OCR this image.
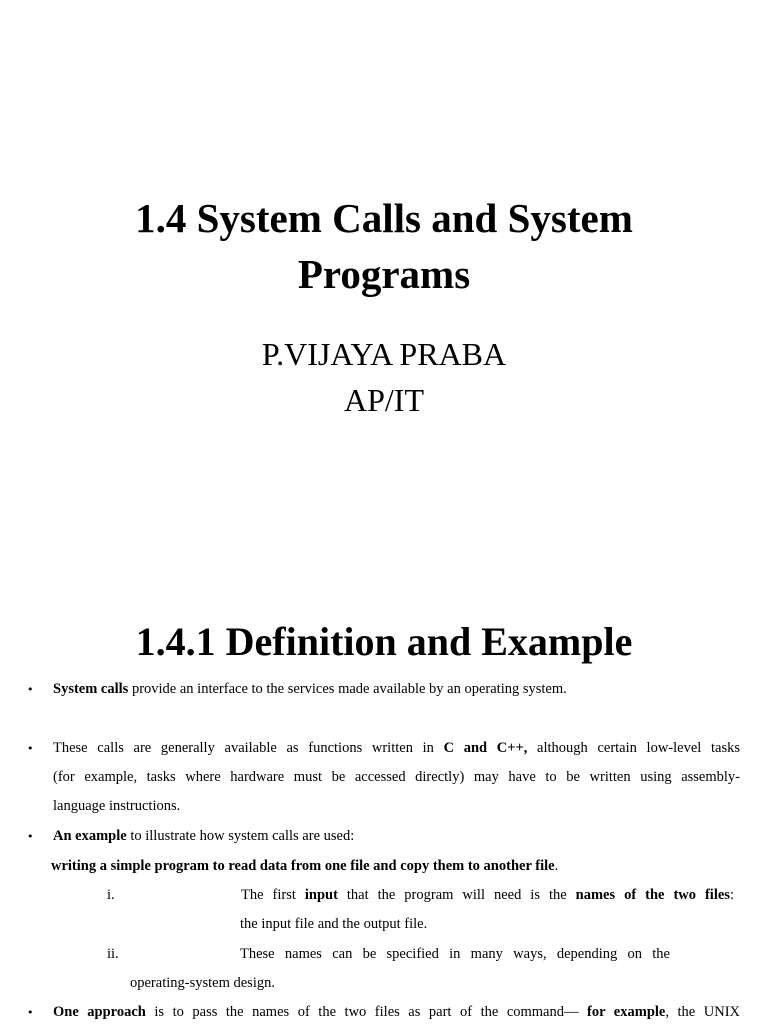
1.4 System Calls and System
Programs
P.VIJAYA PRABA
AP/IT
1.4.1 Definition and Example
• System calls provide an interface to the services made available by an operating system.
• These calls are generally available as functions written in C and C++, although certain low-level tasks
(for example, tasks where hardware must be accessed directly) may have to be written using assembly-
language instructions.
• An example to illustrate how system calls are used:
writing a simple program to read data from one file and copy them to another file.
i.	The first input that the program will need is the names of the two files:
the input file and the output file.
ii.	These names can be specified in many ways, depending on the
operating-system design.
• One approach is to pass the names of the two files as part of the command— for example, the UNIX
